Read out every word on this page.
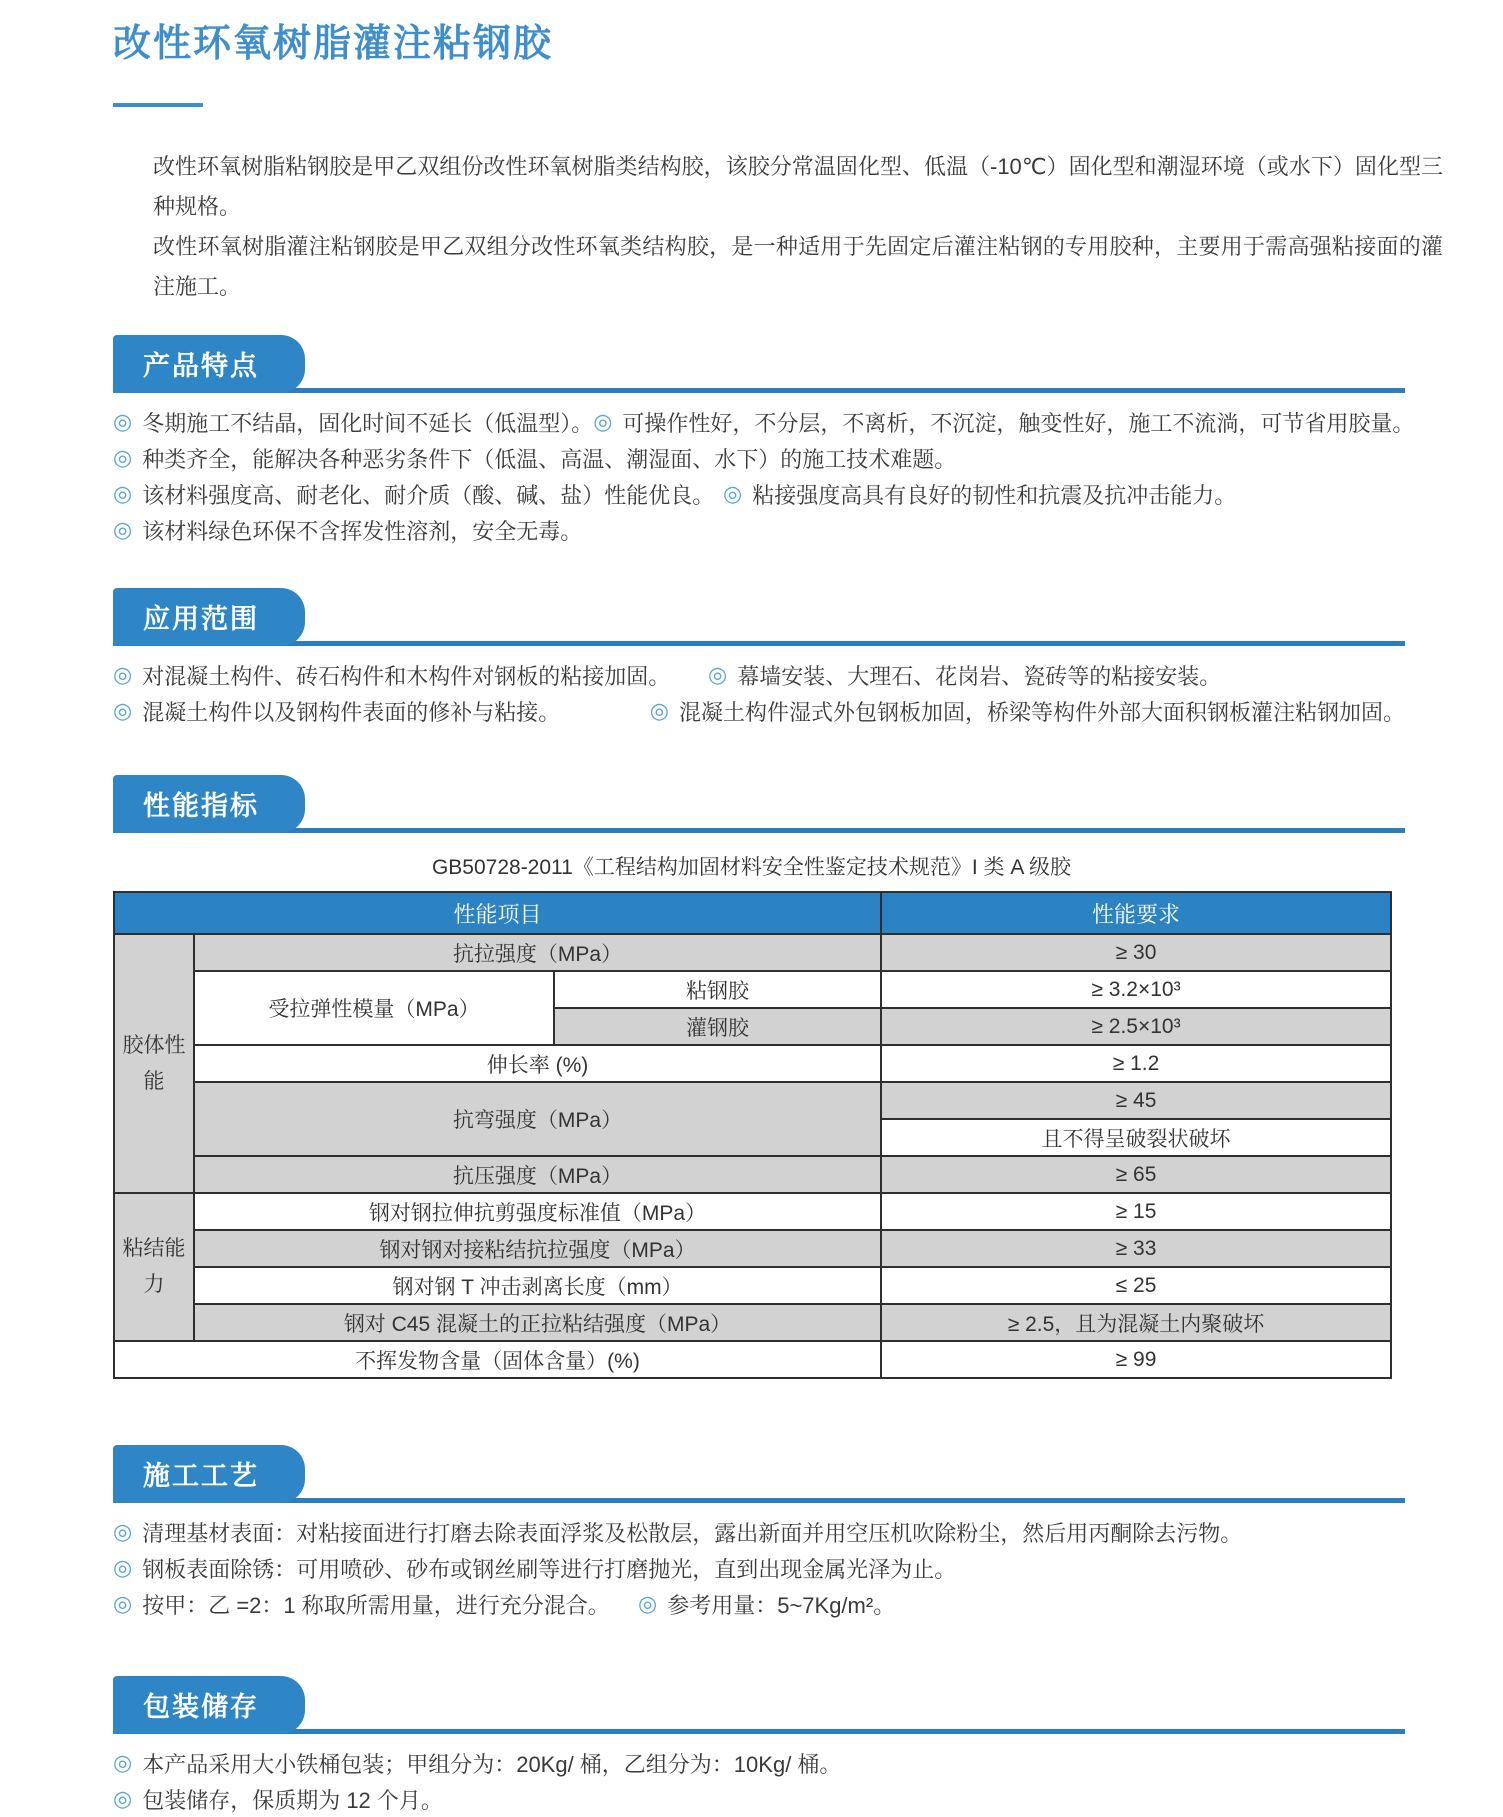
改性环氧树脂灌注粘钢胶

改性环氧树脂粘钢胶是甲乙双组份改性环氧树脂类结构胶，该胶分常温固化型、低温（-10℃）固化型和潮湿环境（或水下）固化型三种规格。

改性环氧树脂灌注粘钢胶是甲乙双组分改性环氧类结构胶，是一种适用于先固定后灌注粘钢的专用胶种，主要用于需高强粘接面的灌注施工。

产品特点
◎ 冬期施工不结晶，固化时间不延长（低温型）。 ◎ 可操作性好，不分层，不离析，不沉淀，触变性好，施工不流淌，可节省用胶量。
◎ 种类齐全，能解决各种恶劣条件下（低温、高温、潮湿面、水下）的施工技术难题。
◎ 该材料强度高、耐老化、耐介质（酸、碱、盐）性能优良。 ◎ 粘接强度高具有良好的韧性和抗震及抗冲击能力。
◎ 该材料绿色环保不含挥发性溶剂，安全无毒。
应用范围
◎ 对混凝土构件、砖石构件和木构件对钢板的粘接加固。 ◎ 幕墙安装、大理石、花岗岩、瓷砖等的粘接安装。
◎ 混凝土构件以及钢构件表面的修补与粘接。	◎ 混凝土构件湿式外包钢板加固，桥梁等构件外部大面积钢板灌注粘钢加固。
性能指标
GB50728-2011《工程结构加固材料安全性鉴定技术规范》I 类 A 级胶
性能项目			性能要求
胶体性能	抗拉强度（MPa）		≥ 30
	受拉弹性模量（MPa）	粘钢胶	≥ 3.2×10³
		灌钢胶	≥ 2.5×10³
	伸长率 (%)		≥ 1.2
	抗弯强度（MPa）		≥ 45
			且不得呈破裂状破坏
	抗压强度（MPa）		≥ 65
粘结能力	钢对钢拉伸抗剪强度标准值（MPa）		≥ 15
	钢对钢对接粘结抗拉强度（MPa）		≥ 33
	钢对钢 T 冲击剥离长度（mm）		≤ 25
	钢对 C45 混凝土的正拉粘结强度（MPa）		≥ 2.5，且为混凝土内聚破坏
不挥发物含量（固体含量）(%)			≥ 99
施工工艺
◎ 清理基材表面：对粘接面进行打磨去除表面浮浆及松散层，露出新面并用空压机吹除粉尘，然后用丙酮除去污物。
◎ 钢板表面除锈：可用喷砂、砂布或钢丝刷等进行打磨抛光，直到出现金属光泽为止。
◎ 按甲：乙 =2：1 称取所需用量，进行充分混合。 ◎ 参考用量：5~7Kg/m²。
包装储存
◎ 本产品采用大小铁桶包装；甲组分为：20Kg/ 桶，乙组分为：10Kg/ 桶。
◎ 包装储存，保质期为 12 个月。
